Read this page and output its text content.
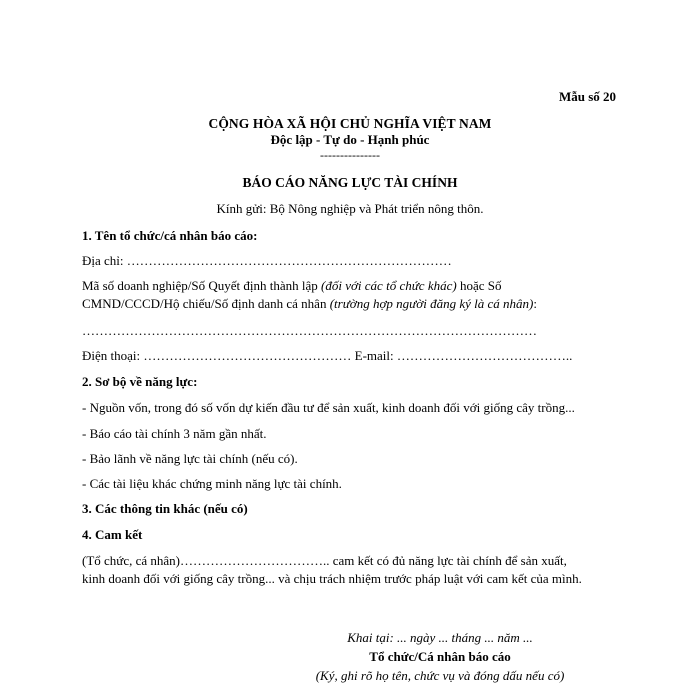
Mẫu số 20
CỘNG HÒA XÃ HỘI CHỦ NGHĨA VIỆT NAM
Độc lập - Tự do - Hạnh phúc
---------------
BÁO CÁO NĂNG LỰC TÀI CHÍNH
Kính gửi: Bộ Nông nghiệp và Phát triển nông thôn.
1. Tên tổ chức/cá nhân báo cáo:
Địa chỉ: …………………………………………………………………
Mã số doanh nghiệp/Số Quyết định thành lập (đối với các tổ chức khác) hoặc Số
CMND/CCCD/Hộ chiếu/Số định danh cá nhân (trường hợp người đăng ký là cá nhân):
……………………………………………………………………………………………
Điện thoại: ………………………………………… E-mail: …………………………………..
2. Sơ bộ về năng lực:
- Nguồn vốn, trong đó số vốn dự kiến đầu tư để sản xuất, kinh doanh đối với giống cây trồng...
- Báo cáo tài chính 3 năm gần nhất.
- Bảo lãnh về năng lực tài chính (nếu có).
- Các tài liệu khác chứng minh năng lực tài chính.
3. Các thông tin khác (nếu có)
4. Cam kết
(Tổ chức, cá nhân)…………………………….. cam kết có đủ năng lực tài chính để sản xuất,
kinh doanh đối với giống cây trồng... và chịu trách nhiệm trước pháp luật với cam kết của mình.
Khai tại: ... ngày ... tháng ... năm ...
Tổ chức/Cá nhân báo cáo
(Ký, ghi rõ họ tên, chức vụ và đóng dấu nếu có)
